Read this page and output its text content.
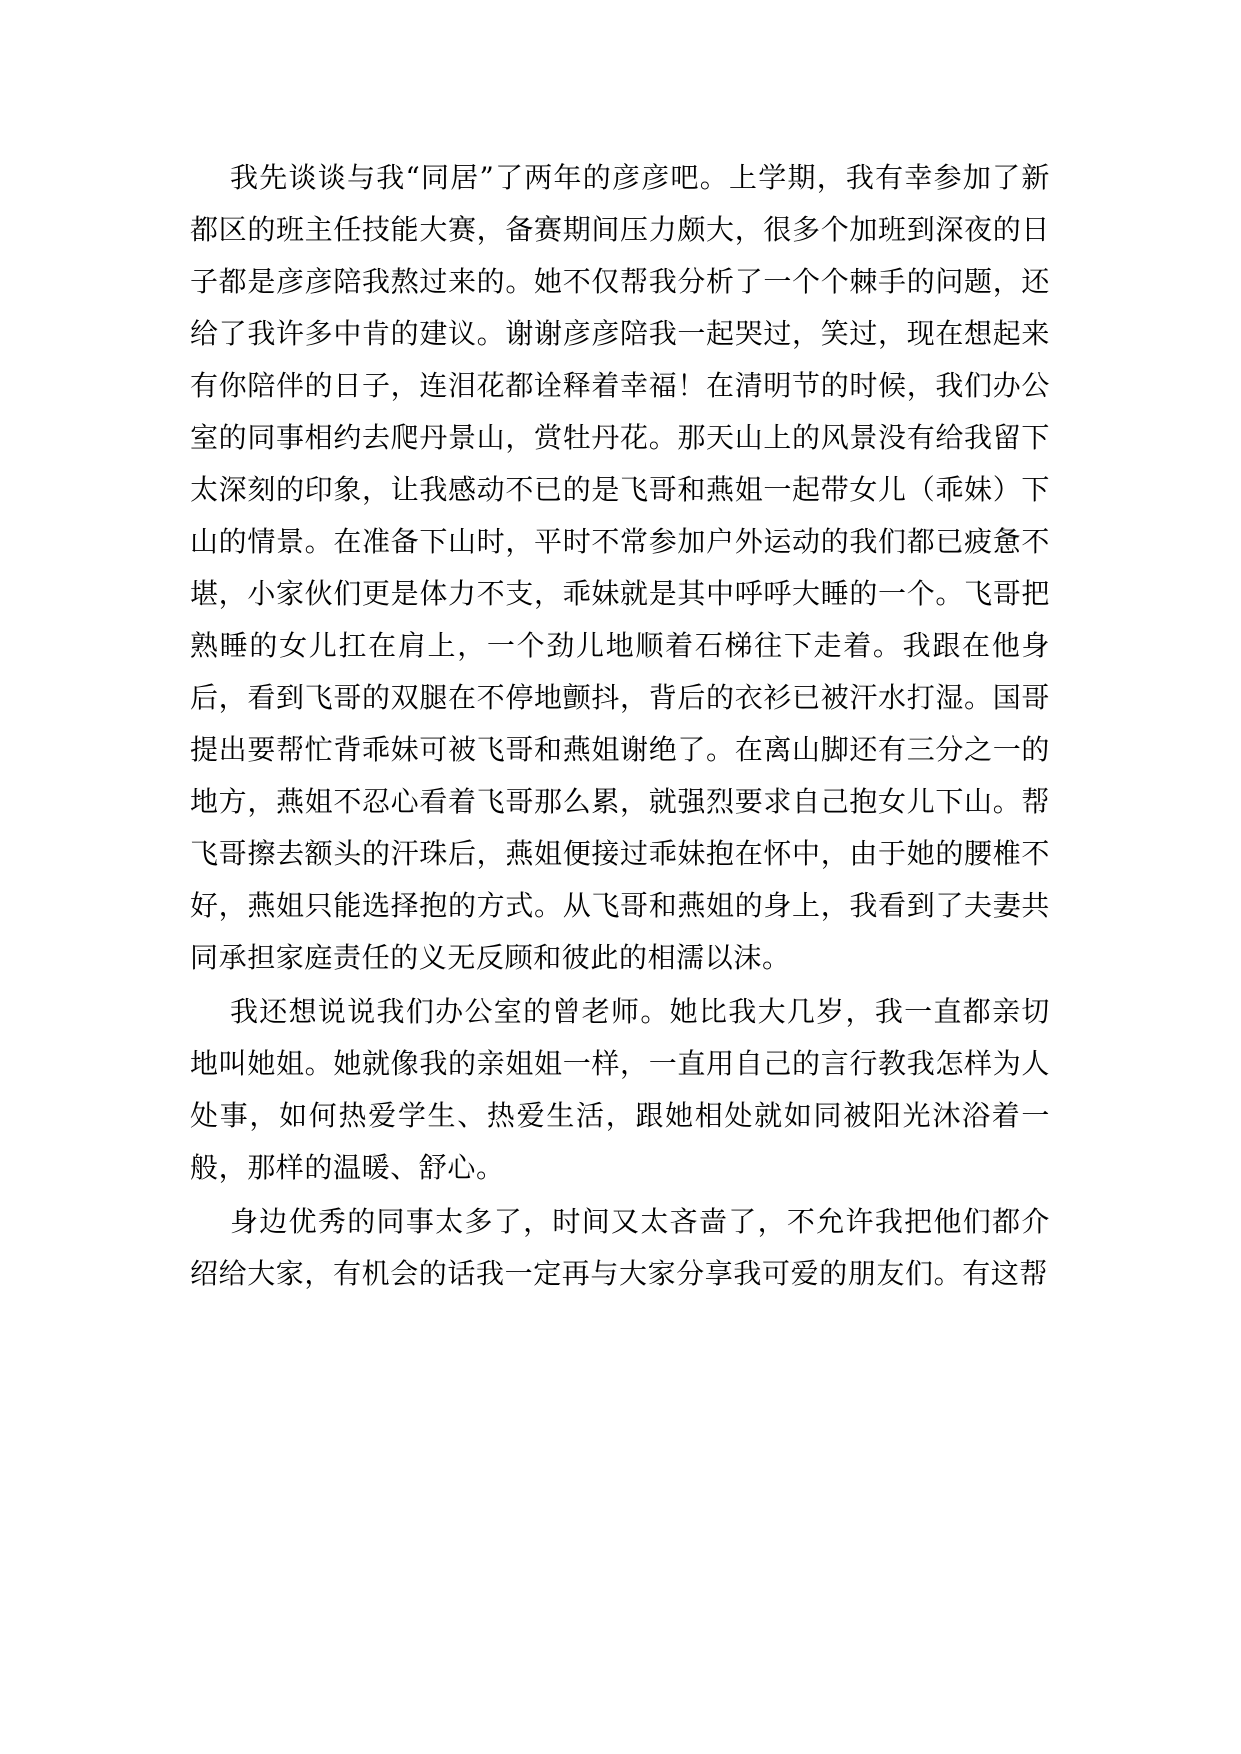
我先谈谈与我“同居”了两年的彦彦吧。上学期，我有幸参加了新都区的班主任技能大赛，备赛期间压力颇大，很多个加班到深夜的日子都是彦彦陪我熬过来的。她不仅帮我分析了一个个棘手的问题，还给了我许多中肯的建议。谢谢彦彦陪我一起哭过，笑过，现在想起来有你陪伴的日子，连泪花都诠释着幸福！在清明节的时候，我们办公室的同事相约去爬丹景山，赏牡丹花。那天山上的风景没有给我留下太深刻的印象，让我感动不已的是飞哥和燕姐一起带女儿（乖妹）下山的情景。在准备下山时，平时不常参加户外运动的我们都已疲惫不堪，小家伙们更是体力不支，乖妹就是其中呼呼大睡的一个。飞哥把熟睡的女儿扛在肩上，一个劲儿地顺着石梯往下走着。我跟在他身后，看到飞哥的双腿在不停地颤抖，背后的衣衫已被汗水打湿。国哥提出要帮忙背乖妹可被飞哥和燕姐谢绝了。在离山脚还有三分之一的地方，燕姐不忍心看着飞哥那么累，就强烈要求自己抱女儿下山。帮飞哥擦去额头的汗珠后，燕姐便接过乖妹抱在怀中，由于她的腰椎不好，燕姐只能选择抱的方式。从飞哥和燕姐的身上，我看到了夫妻共同承担家庭责任的义无反顾和彼此的相濡以沫。

我还想说说我们办公室的曾老师。她比我大几岁，我一直都亲切地叫她姐。她就像我的亲姐姐一样，一直用自己的言行教我怎样为人处事，如何热爱学生、热爱生活，跟她相处就如同被阳光沐浴着一般，那样的温暖、舒心。

身边优秀的同事太多了，时间又太吝啬了，不允许我把他们都介绍给大家，有机会的话我一定再与大家分享我可爱的朋友们。有这帮
